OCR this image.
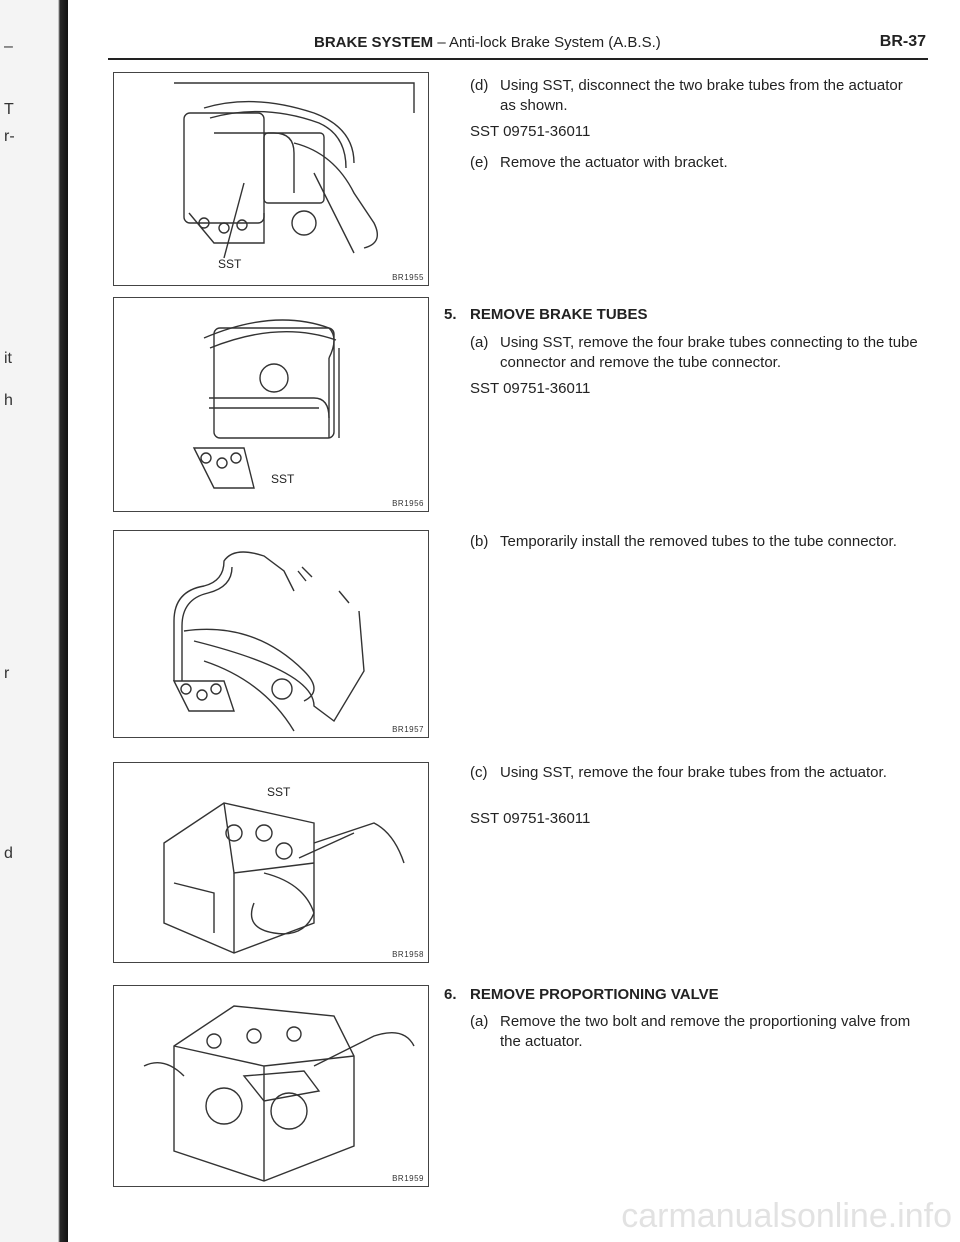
–
T
r-
it
h
r
d
BRAKE SYSTEM – Anti-lock Brake System (A.B.S.)	BR-37
SST
BR1955
SST
BR1956
BR1957
SST
BR1958
BR1959
(d) Using SST, disconnect the two brake tubes from the actuator as shown.
SST 09751-36011
(e) Remove the actuator with bracket.
5. REMOVE BRAKE TUBES
(a) Using SST, remove the four brake tubes connecting to the tube connector and remove the tube connector.
SST 09751-36011
(b) Temporarily install the removed tubes to the tube connector.
(c) Using SST, remove the four brake tubes from the actuator.
SST 09751-36011
6. REMOVE PROPORTIONING VALVE
(a) Remove the two bolt and remove the proportioning valve from the actuator.
carmanualsonline.info
